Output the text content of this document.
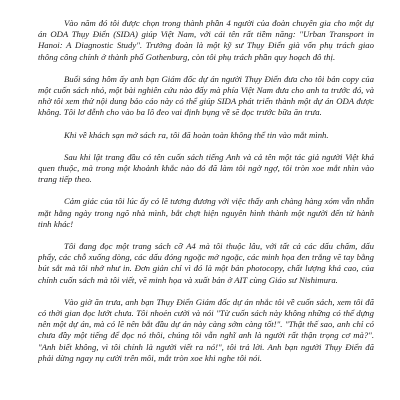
Vào năm đó tôi được chọn trong thành phần 4 người của đoàn chuyên gia cho một dự án ODA Thụy Điển (SIDA) giúp Việt Nam, với cái tên rất tiềm năng: "Urban Transport in Hanoi: A Diagnostic Study". Trưởng đoàn là một kỹ sư Thụy Điển già vốn phụ trách giao thông công chính ở thành phố Gothenburg, còn tôi phụ trách phần quy hoạch đô thị.

Buổi sáng hôm ấy anh bạn Giám đốc dự án người Thụy Điển đưa cho tôi bản copy của một cuốn sách nhỏ, một bài nghiên cứu nào đấy mà phía Việt Nam đưa cho anh ta trước đó, và nhờ tôi xem thử nội dung bảo cáo này có thể giúp SIDA phát triển thành một dự án ODA được không. Tôi lơ đễnh cho vào ba lô đeo vai định bụng về sẽ đọc trước bữa ăn trưa.

Khi về khách sạn mở sách ra, tôi đã hoàn toàn không thể tin vào mắt mình.

Sau khi lật trang đầu có tên cuốn sách tiếng Anh và cả tên một tác giả người Việt khá quen thuộc, mà trong một khoảnh khắc nào đó đã làm tôi ngờ ngợ, tôi tròn xoe mắt nhìn vào trang tiếp theo.

Cảm giác của tôi lúc ấy có lẽ tương đương với việc thấy anh chàng hàng xóm vẫn nhẫn mặt hằng ngày trong ngõ nhà mình, bắt chợt hiện nguyên hình thành một người đến từ hành tinh khác!

Tôi đang đọc một trang sách cỡ A4 mà tôi thuộc lâu, với tất cả các dấu chấm, dấu phẩy, các chỗ xuống dòng, các dấu đóng ngoặc mở ngoặc, các minh họa đen trắng vẽ tay bằng bút sắt mà tôi nhớ như in. Đơn giản chỉ vì đó là một bản photocopy, chất lượng khá cao, của chính cuốn sách mà tôi viết, vẽ minh họa và xuất bản ở AIT cùng Giáo sư Nishimura.

Vào giờ ăn trưa, anh bạn Thụy Điển Giám đốc dự án nhắc tôi về cuốn sách, xem tôi đã có thời gian đọc lướt chưa. Tôi nhoẻn cười và nói "Từ cuốn sách này không những có thể dựng nên một dự án, mà có lẽ nên bắt đầu dự án này càng sớm càng tốt!". "Thật thế sao, anh chỉ có chưa đầy một tiếng để đọc nó thôi, chúng tôi vẫn nghĩ anh là người rất thận trọng cơ mà?". "Anh biết không, vì tôi chính là người viết ra nó!", tôi trả lời. Anh bạn người Thụy Điển đã phải dừng ngay nụ cười trên môi, mắt tròn xoe khi nghe tôi nói.
